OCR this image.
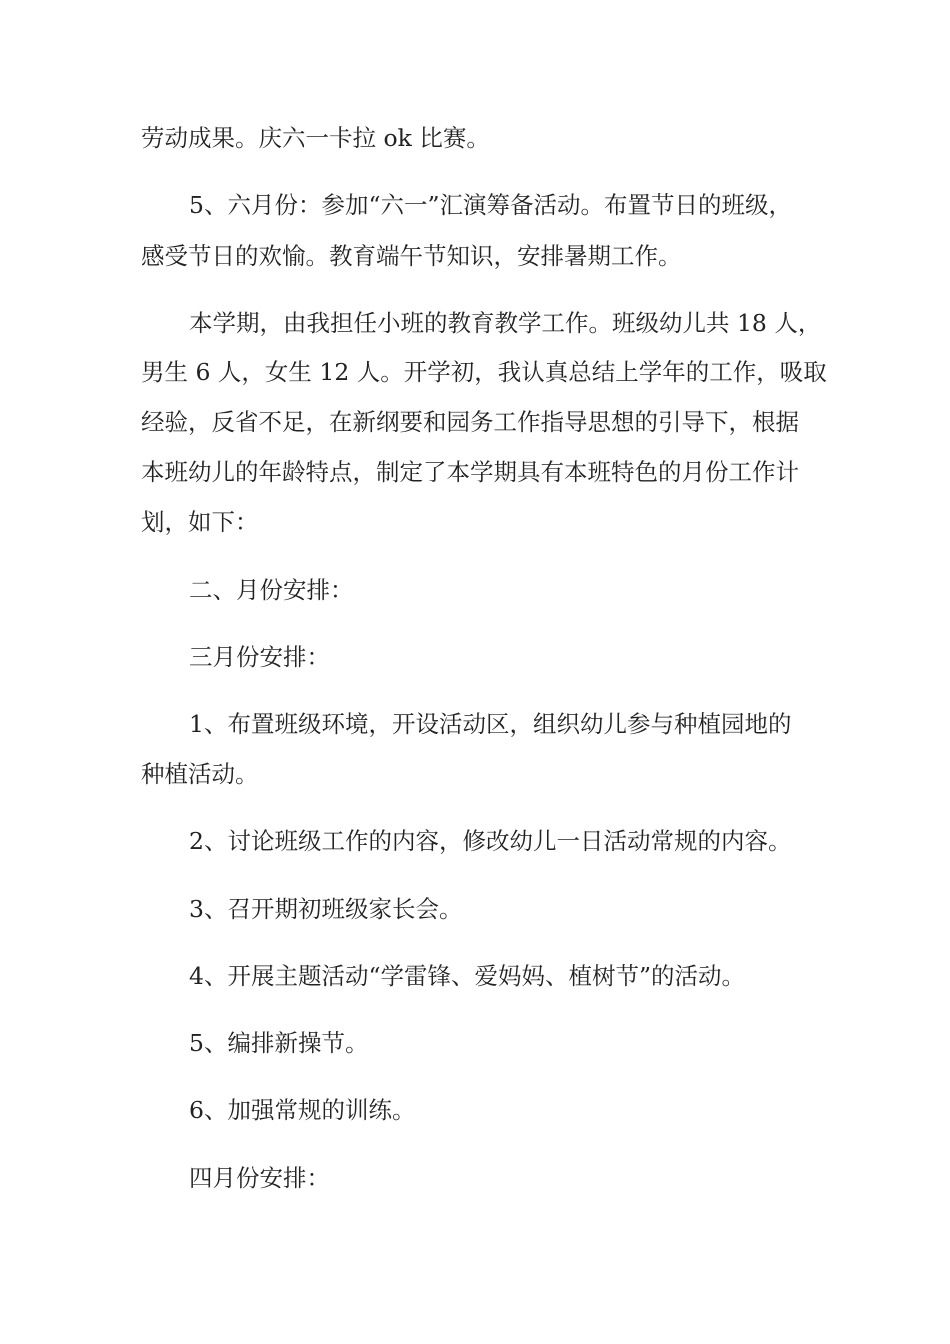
劳动成果。庆六一卡拉 ok 比赛。

5、六月份：参加“六一”汇演筹备活动。布置节日的班级，

感受节日的欢愉。教育端午节知识，安排暑期工作。

本学期，由我担任小班的教育教学工作。班级幼儿共 18 人，

男生 6 人，女生 12 人。开学初，我认真总结上学年的工作，吸取

经验，反省不足，在新纲要和园务工作指导思想的引导下，根据

本班幼儿的年龄特点，制定了本学期具有本班特色的月份工作计

划，如下：

二、月份安排：

三月份安排：

1、布置班级环境，开设活动区，组织幼儿参与种植园地的

种植活动。

2、讨论班级工作的内容，修改幼儿一日活动常规的内容。

3、召开期初班级家长会。

4、开展主题活动“学雷锋、爱妈妈、植树节”的活动。

5、编排新操节。

6、加强常规的训练。

四月份安排：
